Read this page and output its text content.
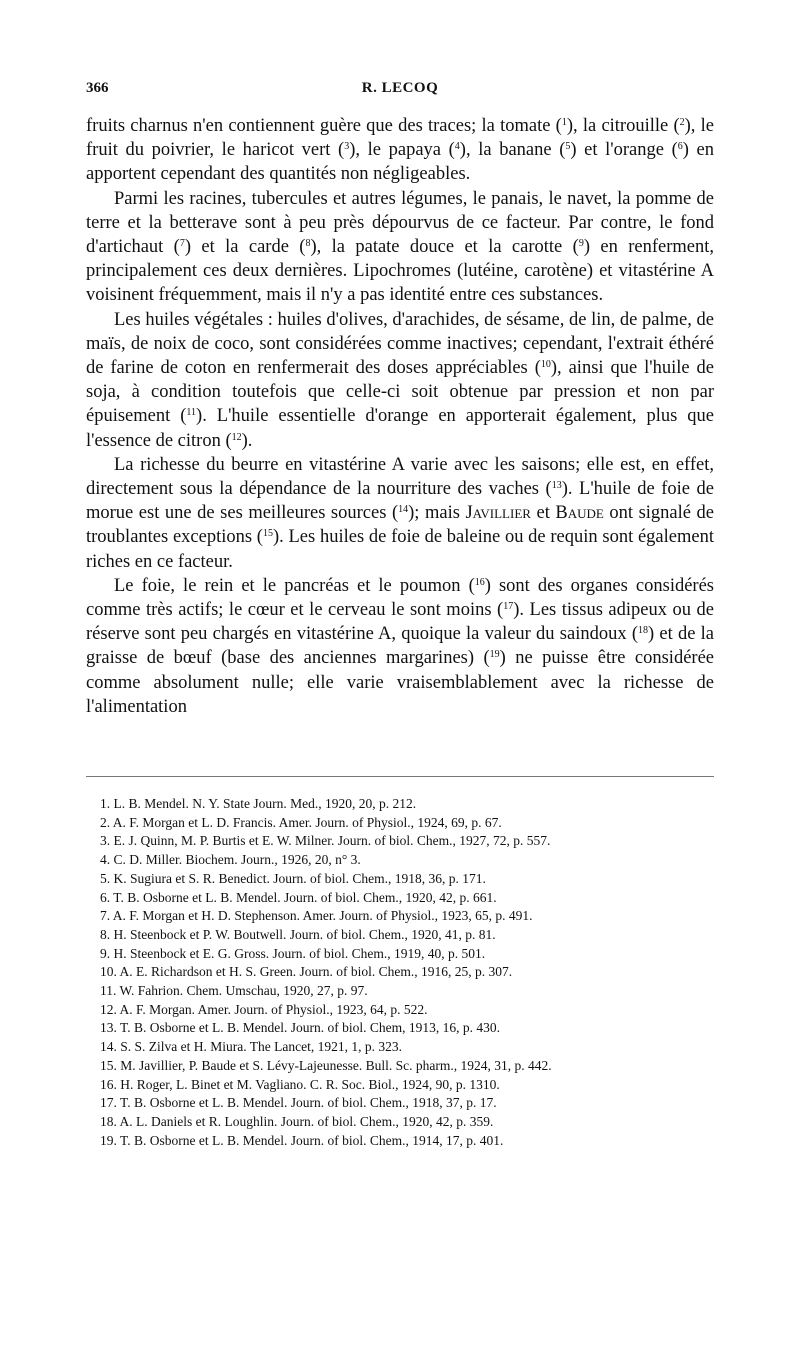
366	R. LECOQ

fruits charnus n'en contiennent guère que des traces; la tomate ($^1$), la citrouille ($^2$), le fruit du poivrier, le haricot vert ($^3$), le papaya ($^4$), la banane ($^5$) et l'orange ($^6$) en apportent cependant des quantités non négligeables.

Parmi les racines, tubercules et autres légumes, le panais, le navet, la pomme de terre et la betterave sont à peu près dépourvus de ce facteur. Par contre, le fond d'artichaut ($^7$) et la carde ($^8$), la patate douce et la carotte ($^9$) en renferment, principalement ces deux dernières. Lipochromes (lutéine, carotène) et vitastérine A voisinent fréquemment, mais il n'y a pas identité entre ces substances.

Les huiles végétales : huiles d'olives, d'arachides, de sésame, de lin, de palme, de maïs, de noix de coco, sont considérées comme inactives; cependant, l'extrait éthéré de farine de coton en renfermerait des doses appréciables ($^{10}$), ainsi que l'huile de soja, à condition toutefois que celle-ci soit obtenue par pression et non par épuisement ($^{11}$). L'huile essentielle d'orange en apporterait également, plus que l'essence de citron ($^{12}$).

La richesse du beurre en vitastérine A varie avec les saisons; elle est, en effet, directement sous la dépendance de la nourriture des vaches ($^{13}$). L'huile de foie de morue est une de ses meilleures sources ($^{14}$); mais Javillier et Baude ont signalé de troublantes exceptions ($^{15}$). Les huiles de foie de baleine ou de requin sont également riches en ce facteur.

Le foie, le rein et le pancréas et le poumon ($^{16}$) sont des organes considérés comme très actifs; le cœur et le cerveau le sont moins ($^{17}$). Les tissus adipeux ou de réserve sont peu chargés en vitastérine A, quoique la valeur du saindoux ($^{18}$) et de la graisse de bœuf (base des anciennes margarines) ($^{19}$) ne puisse être considérée comme absolument nulle; elle varie vraisemblablement avec la richesse de l'alimentation

1. L. B. Mendel. N. Y. State Journ. Med., 1920, 20, p. 212.
2. A. F. Morgan et L. D. Francis. Amer. Journ. of Physiol., 1924, 69, p. 67.
3. E. J. Quinn, M. P. Burtis et E. W. Milner. Journ. of biol. Chem., 1927, 72, p. 557.
4. C. D. Miller. Biochem. Journ., 1926, 20, n° 3.
5. K. Sugiura et S. R. Benedict. Journ. of biol. Chem., 1918, 36, p. 171.
6. T. B. Osborne et L. B. Mendel. Journ. of biol. Chem., 1920, 42, p. 661.
7. A. F. Morgan et H. D. Stephenson. Amer. Journ. of Physiol., 1923, 65, p. 491.
8. H. Steenbock et P. W. Boutwell. Journ. of biol. Chem., 1920, 41, p. 81.
9. H. Steenbock et E. G. Gross. Journ. of biol. Chem., 1919, 40, p. 501.
10. A. E. Richardson et H. S. Green. Journ. of biol. Chem., 1916, 25, p. 307.
11. W. Fahrion. Chem. Umschau, 1920, 27, p. 97.
12. A. F. Morgan. Amer. Journ. of Physiol., 1923, 64, p. 522.
13. T. B. Osborne et L. B. Mendel. Journ. of biol. Chem, 1913, 16, p. 430.
14. S. S. Zilva et H. Miura. The Lancet, 1921, 1, p. 323.
15. M. Javillier, P. Baude et S. Lévy-Lajeunesse. Bull. Sc. pharm., 1924, 31, p. 442.
16. H. Roger, L. Binet et M. Vagliano. C. R. Soc. Biol., 1924, 90, p. 1310.
17. T. B. Osborne et L. B. Mendel. Journ. of biol. Chem., 1918, 37, p. 17.
18. A. L. Daniels et R. Loughlin. Journ. of biol. Chem., 1920, 42, p. 359.
19. T. B. Osborne et L. B. Mendel. Journ. of biol. Chem., 1914, 17, p. 401.
